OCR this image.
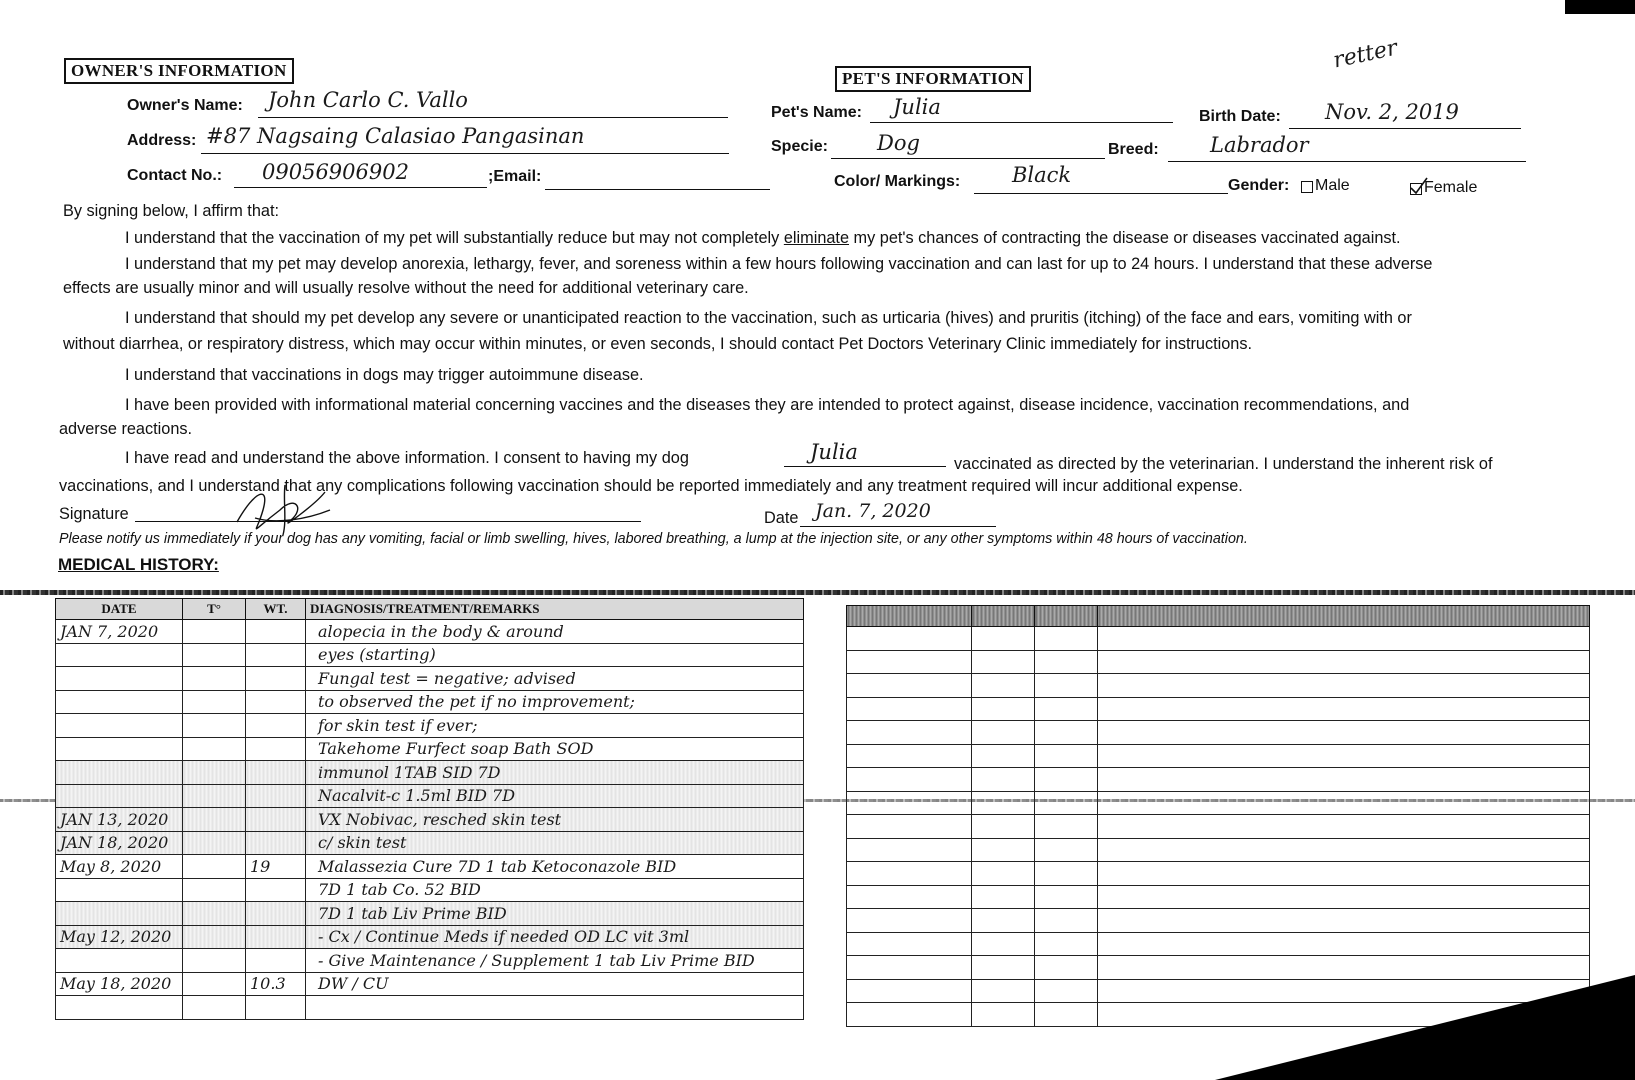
OWNER'S INFORMATION
Owner's Name: John Carlo C. Vallo
Address: #87 Nagsaing Calasiao Pangasinan
Contact No.: 09056906902	;Email:
PET'S INFORMATION
retter
Pet's Name: Julia	Birth Date: Nov. 2, 2019
Specie: Dog	Breed: Labrador
Color/ Markings: Black	Gender: Male	Female
By signing below, I affirm that:
I understand that the vaccination of my pet will substantially reduce but may not completely eliminate my pet's chances of contracting the disease or diseases vaccinated against.
I understand that my pet may develop anorexia, lethargy, fever, and soreness within a few hours following vaccination and can last for up to 24 hours. I understand that these adverse
effects are usually minor and will usually resolve without the need for additional veterinary care.
I understand that should my pet develop any severe or unanticipated reaction to the vaccination, such as urticaria (hives) and pruritis (itching) of the face and ears, vomiting with or
without diarrhea, or respiratory distress, which may occur within minutes, or even seconds, I should contact Pet Doctors Veterinary Clinic immediately for instructions.
I understand that vaccinations in dogs may trigger autoimmune disease.
I have been provided with informational material concerning vaccines and the diseases they are intended to protect against, disease incidence, vaccination recommendations, and
adverse reactions.
I have read and understand the above information. I consent to having my dog	Julia	vaccinated as directed by the veterinarian. I understand the inherent risk of
vaccinations, and I understand that any complications following vaccination should be reported immediately and any treatment required will incur additional expense.
Signature	Date Jan. 7, 2020
Please notify us immediately if your dog has any vomiting, facial or limb swelling, hives, labored breathing, a lump at the injection site, or any other symptoms within 48 hours of vaccination.
MEDICAL HISTORY:
DATE	T°	WT.	DIAGNOSIS/TREATMENT/REMARKS
JAN 7, 2020			alopecia in the body & around
			eyes (starting)
			Fungal test = negative; advised
			to observed the pet if no improvement;
			for skin test if ever;
			Takehome Furfect soap Bath SOD
			immunol 1TAB SID 7D
			Nacalvit-c 1.5ml BID 7D
JAN 13, 2020			VX Nobivac, resched skin test
JAN 18, 2020			c/ skin test
May 8, 2020		19	Malassezia Cure 7D 1 tab Ketoconazole BID
			7D 1 tab Co. 52 BID
			7D 1 tab Liv Prime BID
May 12, 2020			- Cx / Continue Meds if needed OD LC vit 3ml
			- Give Maintenance / Supplement 1 tab Liv Prime BID
May 18, 2020		10.3	DW / CU
